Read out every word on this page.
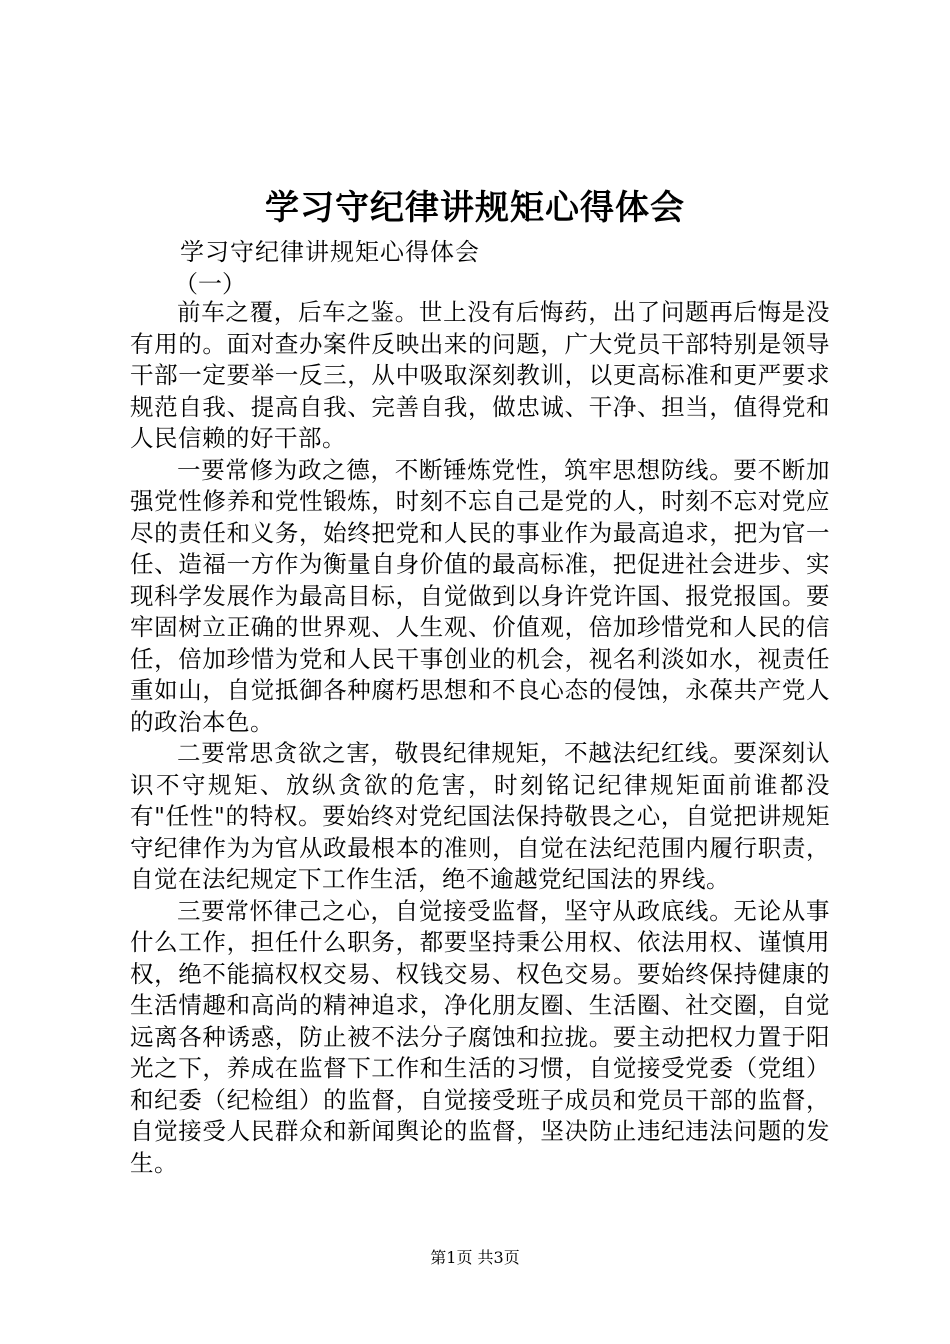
学习守纪律讲规矩心得体会
学习守纪律讲规矩心得体会
（一）

前车之覆，后车之鉴。世上没有后悔药，出了问题再后悔是没有用的。面对查办案件反映出来的问题，广大党员干部特别是领导干部一定要举一反三，从中吸取深刻教训，以更高标准和更严要求规范自我、提高自我、完善自我，做忠诚、干净、担当，值得党和人民信赖的好干部。

一要常修为政之德，不断锤炼党性，筑牢思想防线。要不断加强党性修养和党性锻炼，时刻不忘自己是党的人，时刻不忘对党应尽的责任和义务，始终把党和人民的事业作为最高追求，把为官一任、造福一方作为衡量自身价值的最高标准，把促进社会进步、实现科学发展作为最高目标，自觉做到以身许党许国、报党报国。要牢固树立正确的世界观、人生观、价值观，倍加珍惜党和人民的信任，倍加珍惜为党和人民干事创业的机会，视名利淡如水，视责任重如山，自觉抵御各种腐朽思想和不良心态的侵蚀，永葆共产党人的政治本色。

二要常思贪欲之害，敬畏纪律规矩，不越法纪红线。要深刻认识不守规矩、放纵贪欲的危害，时刻铭记纪律规矩面前谁都没有"任性"的特权。要始终对党纪国法保持敬畏之心，自觉把讲规矩守纪律作为为官从政最根本的准则，自觉在法纪范围内履行职责，自觉在法纪规定下工作生活，绝不逾越党纪国法的界线。

三要常怀律己之心，自觉接受监督，坚守从政底线。无论从事什么工作，担任什么职务，都要坚持秉公用权、依法用权、谨慎用权，绝不能搞权权交易、权钱交易、权色交易。要始终保持健康的生活情趣和高尚的精神追求，净化朋友圈、生活圈、社交圈，自觉远离各种诱惑，防止被不法分子腐蚀和拉拢。要主动把权力置于阳光之下，养成在监督下工作和生活的习惯，自觉接受党委（党组）和纪委（纪检组）的监督，自觉接受班子成员和党员干部的监督，自觉接受人民群众和新闻舆论的监督，坚决防止违纪违法问题的发生。

第1页 共3页
